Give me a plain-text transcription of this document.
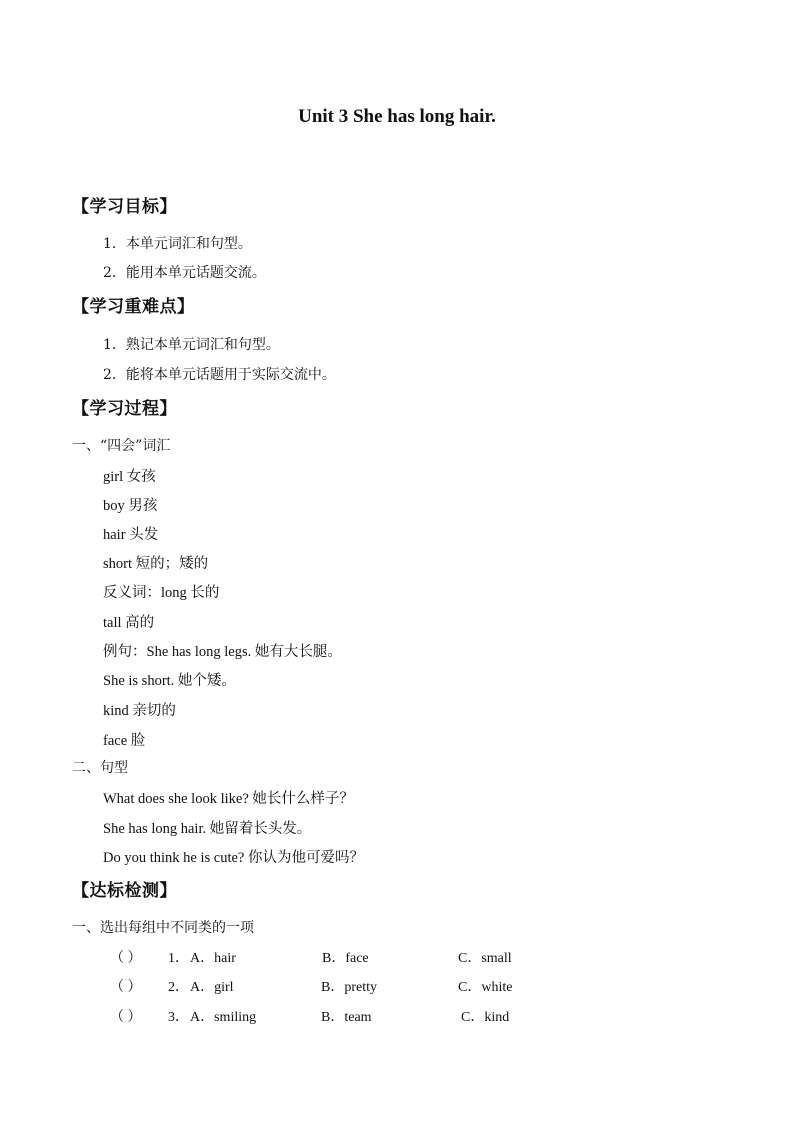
Unit 3 She has long hair.
【学习目标】
1．本单元词汇和句型。
2．能用本单元话题交流。
【学习重难点】
1．熟记本单元词汇和句型。
2．能将本单元话题用于实际交流中。
【学习过程】
一、“四会”词汇
girl 女孩
boy 男孩
hair 头发
short 短的；矮的
反义词：long 长的
tall 高的
例句：She has long legs. 她有大长腿。
She is short. 她个矮。
kind 亲切的
face 脸
二、句型
What does she look like? 她长什么样子？
She has long hair. 她留着长头发。
Do you think he is cute? 你认为他可爱吗？
【达标检测】
一、选出每组中不同类的一项
（ ） 1． A．hair	B．face	C．small
（ ） 2． A．girl	B．pretty	C．white
（ ） 3． A．smiling	B．team	C．kind
